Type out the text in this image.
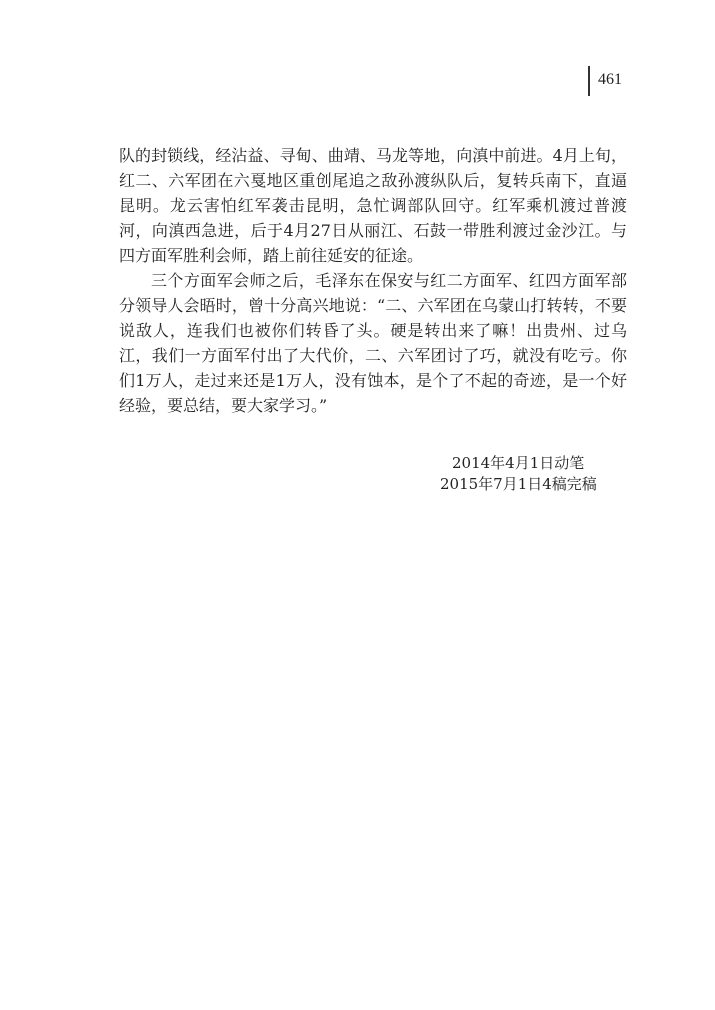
461

队的封锁线，经沾益、寻甸、曲靖、马龙等地，向滇中前进。4月上旬，红二、六军团在六戛地区重创尾追之敌孙渡纵队后，复转兵南下，直逼昆明。龙云害怕红军袭击昆明，急忙调部队回守。红军乘机渡过普渡河，向滇西急进，后于4月27日从丽江、石鼓一带胜利渡过金沙江。与四方面军胜利会师，踏上前往延安的征途。

三个方面军会师之后，毛泽东在保安与红二方面军、红四方面军部分领导人会晤时，曾十分高兴地说：“二、六军团在乌蒙山打转转，不要说敌人，连我们也被你们转昏了头。硬是转出来了嘛！出贵州、过乌江，我们一方面军付出了大代价，二、六军团讨了巧，就没有吃亏。你们1万人，走过来还是1万人，没有蚀本，是个了不起的奇迹，是一个好经验，要总结，要大家学习。”

2014年4月1日动笔
2015年7月1日4稿完稿
